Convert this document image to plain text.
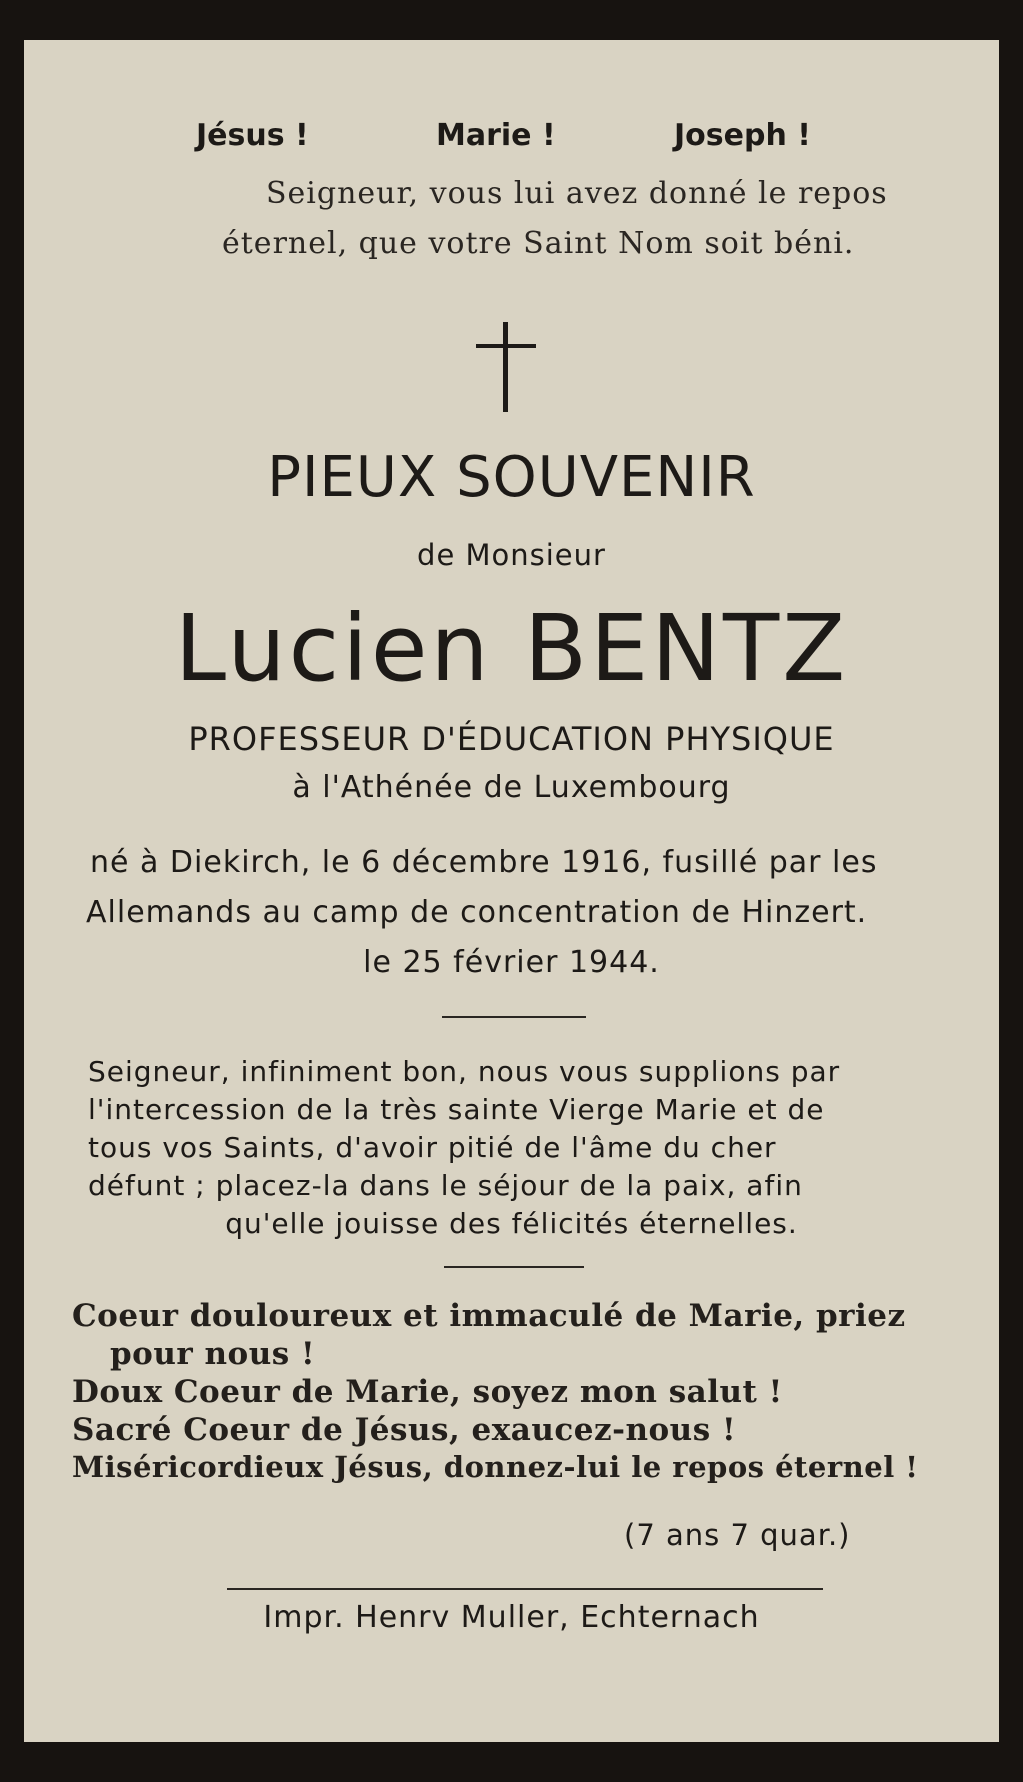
Jésus !	Marie !	Joseph !
Seigneur, vous lui avez donné le repos
éternel, que votre Saint Nom soit béni.
PIEUX SOUVENIR
de Monsieur
Lucien BENTZ
PROFESSEUR D'ÉDUCATION PHYSIQUE
à l'Athénée de Luxembourg
né à Diekirch, le 6 décembre 1916, fusillé par les
Allemands au camp de concentration de Hinzert.
le 25 février 1944.
Seigneur, infiniment bon, nous vous supplions par
l'intercession de la très sainte Vierge Marie et de
tous vos Saints, d'avoir pitié de l'âme du cher
défunt ; placez-la dans le séjour de la paix, afin
qu'elle jouisse des félicités éternelles.
Coeur douloureux et immaculé de Marie, priez
pour nous !
Doux Coeur de Marie, soyez mon salut !
Sacré Coeur de Jésus, exaucez-nous !
Miséricordieux Jésus, donnez-lui le repos éternel !
(7 ans 7 quar.)
Impr. Henrv Muller, Echternach
